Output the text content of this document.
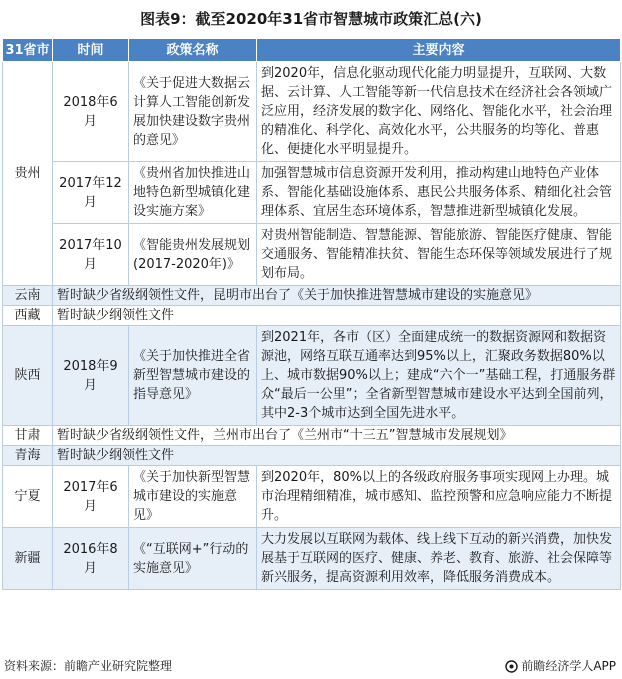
图表9：截至2020年31省市智慧城市政策汇总(六)
31省市	时间	政策名称	主要内容
贵州	2018年6月	《关于促进大数据云计算人工智能创新发展加快建设数字贵州的意见》	到2020年，信息化驱动现代化能力明显提升，互联网、大数据、云计算、人工智能等新一代信息技术在经济社会各领域广泛应用，经济发展的数字化、网络化、智能化水平，社会治理的精准化、科学化、高效化水平，公共服务的均等化、普惠化、便捷化水平明显提升。
	2017年12月	《贵州省加快推进山地特色新型城镇化建设实施方案》	加强智慧城市信息资源开发利用，推动构建山地特色产业体系、智能化基础设施体系、惠民公共服务体系、精细化社会管理体系、宜居生态环境体系，智慧推进新型城镇化发展。
	2017年10月	《智能贵州发展规划(2017-2020年)》	对贵州智能制造、智慧能源、智能旅游、智能医疗健康、智能交通服务、智能精准扶贫、智能生态环保等领域发展进行了规划布局。
云南	暂时缺少省级纲领性文件，昆明市出台了《关于加快推进智慧城市建设的实施意见》		
西藏	暂时缺少纲领性文件		
陕西	2018年9月	《关于加快推进全省新型智慧城市建设的指导意见》	到2021年，各市（区）全面建成统一的数据资源网和数据资源池，网络互联互通率达到95%以上，汇聚政务数据80%以上、城市数据90%以上；建成“六个一”基础工程，打通服务群众“最后一公里”；全省新型智慧城市建设水平达到全国前列，其中2-3个城市达到全国先进水平。
甘肃	暂时缺少省级纲领性文件，兰州市出台了《兰州市“十三五”智慧城市发展规划》		
青海	暂时缺少纲领性文件		
宁夏	2017年6月	《关于加快新型智慧城市建设的实施意见》	到2020年，80%以上的各级政府服务事项实现网上办理。城市治理精细精准，城市感知、监控预警和应急响应能力不断提升。
新疆	2016年8月	《“互联网+”行动的实施意见》	大力发展以互联网为载体、线上线下互动的新兴消费，加快发展基于互联网的医疗、健康、养老、教育、旅游、社会保障等新兴服务，提高资源利用效率，降低服务消费成本。
资料来源：前瞻产业研究院整理	前瞻经济学人APP
